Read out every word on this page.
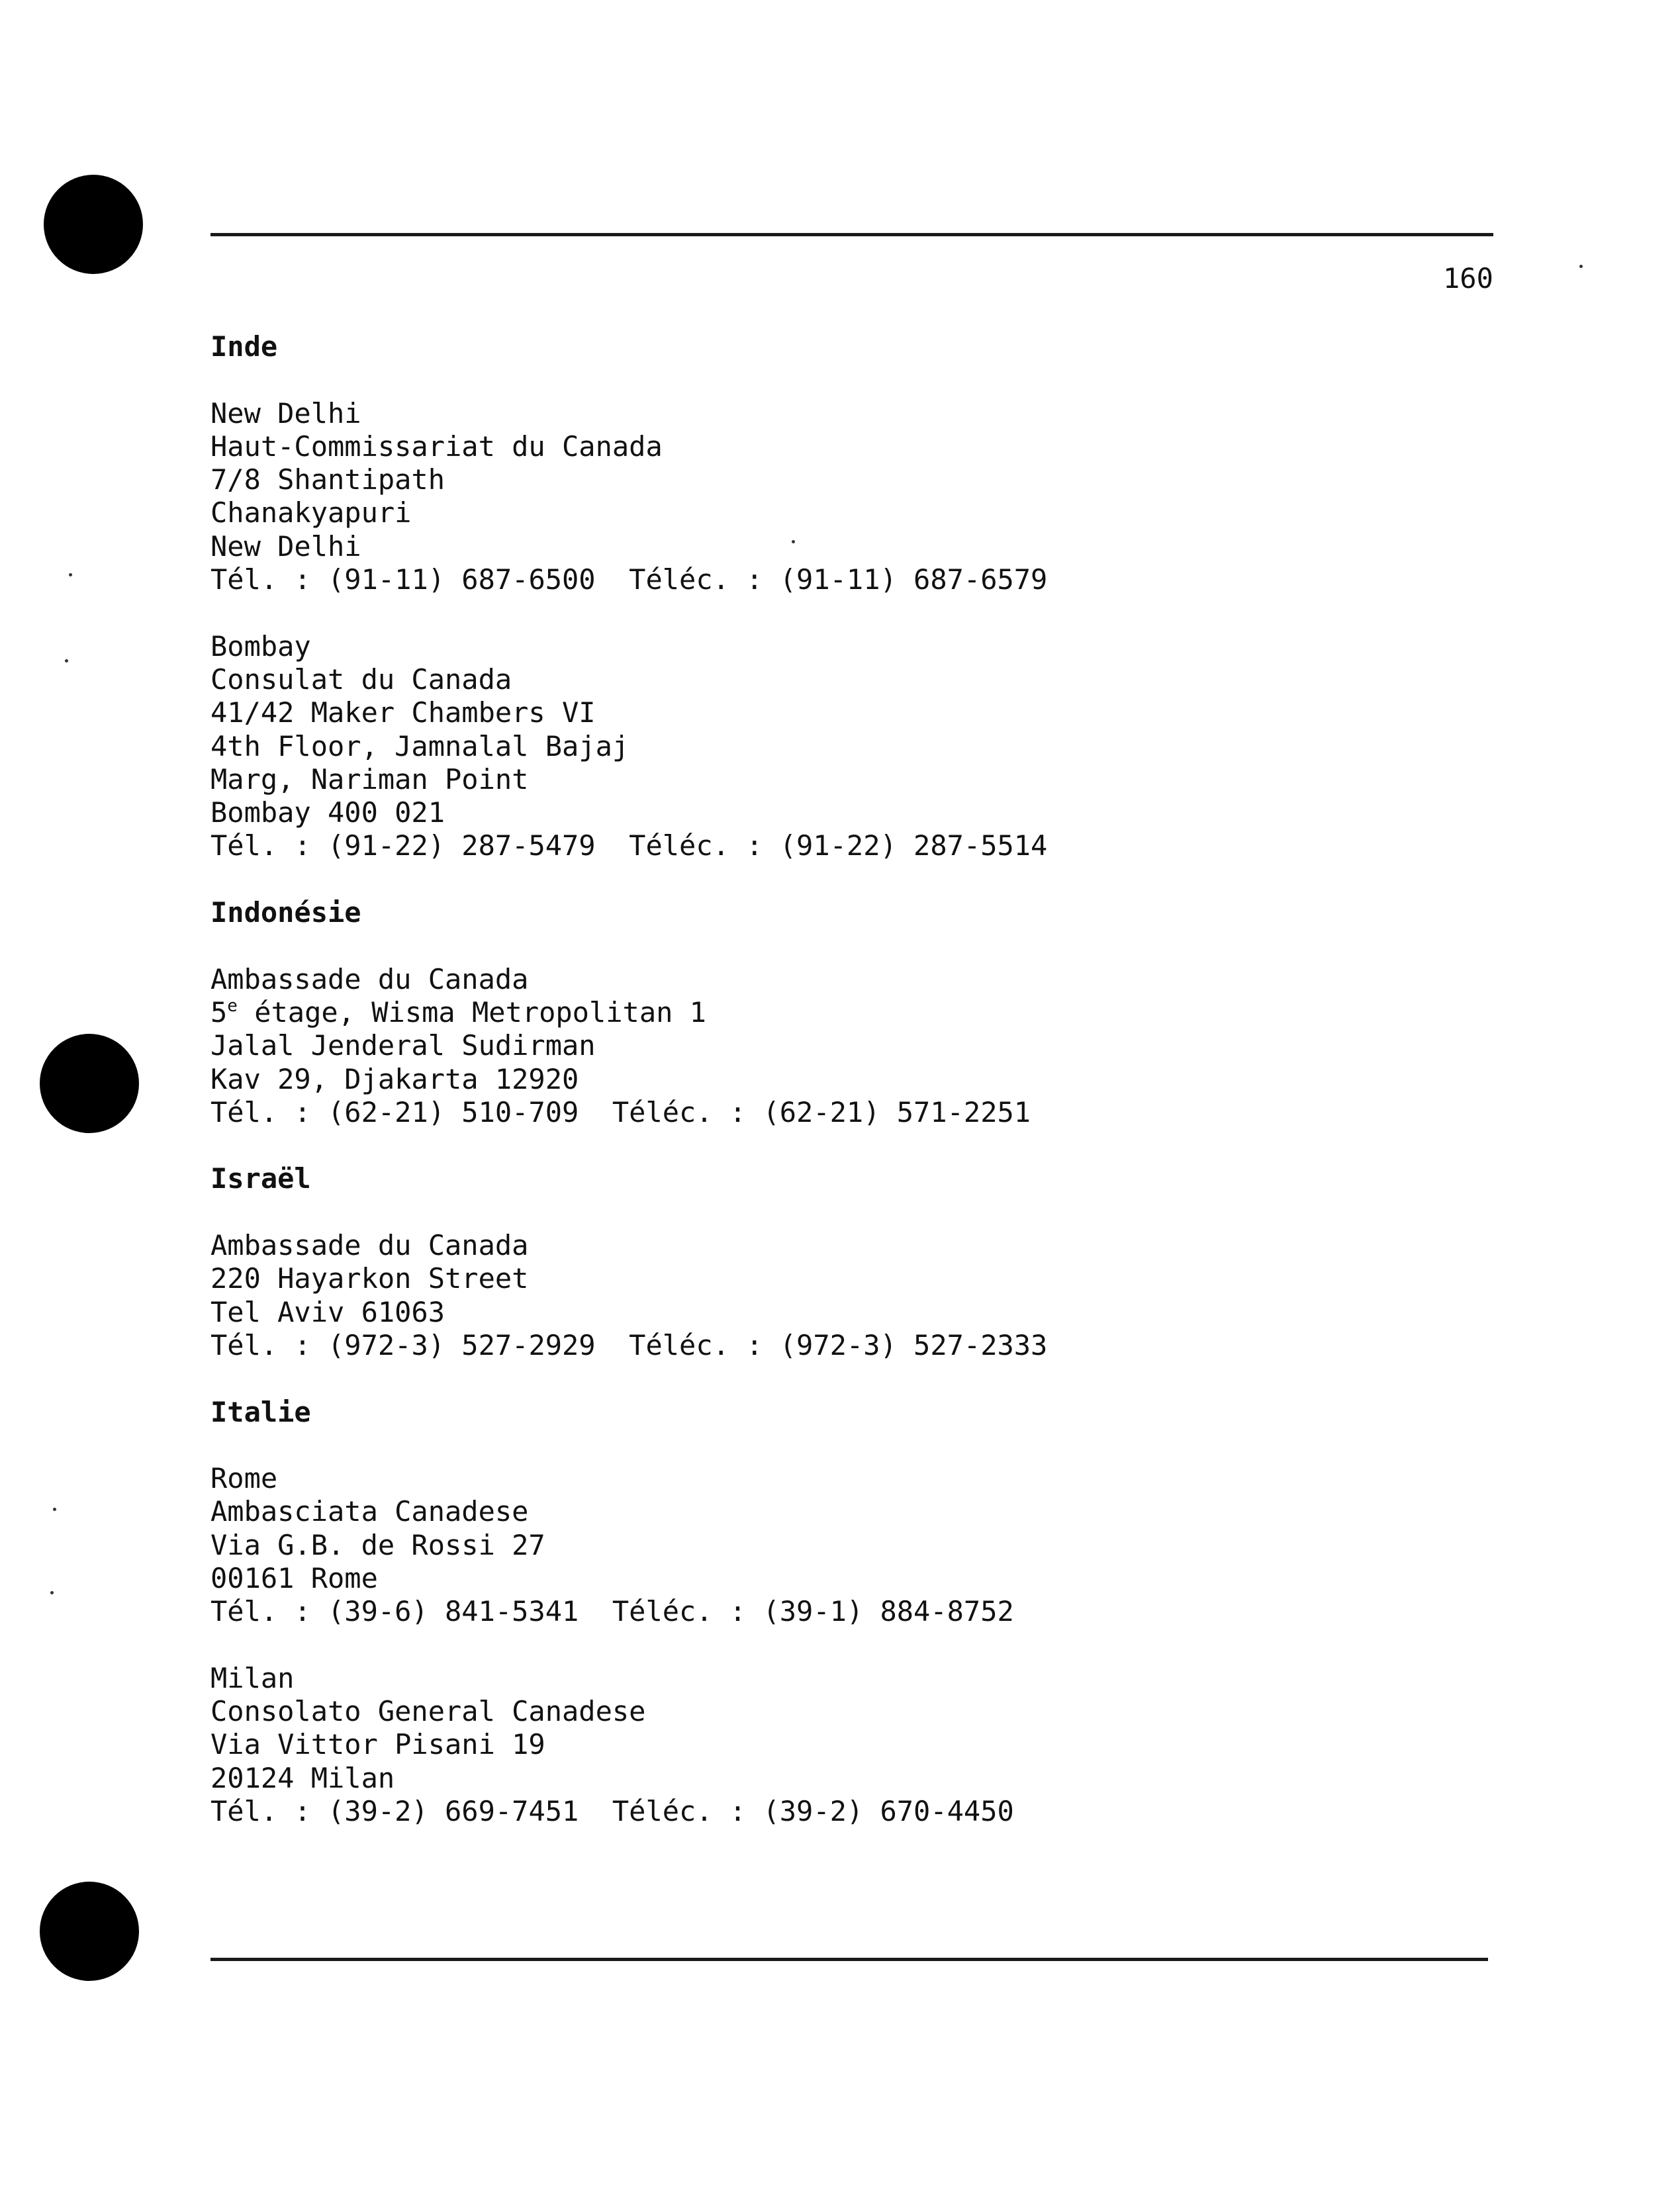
160
Inde
New Delhi
Haut-Commissariat du Canada
7/8 Shantipath
Chanakyapuri
New Delhi
Tél. : (91-11) 687-6500 Téléc. : (91-11) 687-6579
Bombay
Consulat du Canada
41/42 Maker Chambers VI
4th Floor, Jamnalal Bajaj
Marg, Nariman Point
Bombay 400 021
Tél. : (91-22) 287-5479 Téléc. : (91-22) 287-5514
Indonésie
Ambassade du Canada
5e étage, Wisma Metropolitan 1
Jalal Jenderal Sudirman
Kav 29, Djakarta 12920
Tél. : (62-21) 510-709 Téléc. : (62-21) 571-2251
Israël
Ambassade du Canada
220 Hayarkon Street
Tel Aviv 61063
Tél. : (972-3) 527-2929 Téléc. : (972-3) 527-2333
Italie
Rome
Ambasciata Canadese
Via G.B. de Rossi 27
00161 Rome
Tél. : (39-6) 841-5341 Téléc. : (39-1) 884-8752
Milan
Consolato General Canadese
Via Vittor Pisani 19
20124 Milan
Tél. : (39-2) 669-7451 Téléc. : (39-2) 670-4450
